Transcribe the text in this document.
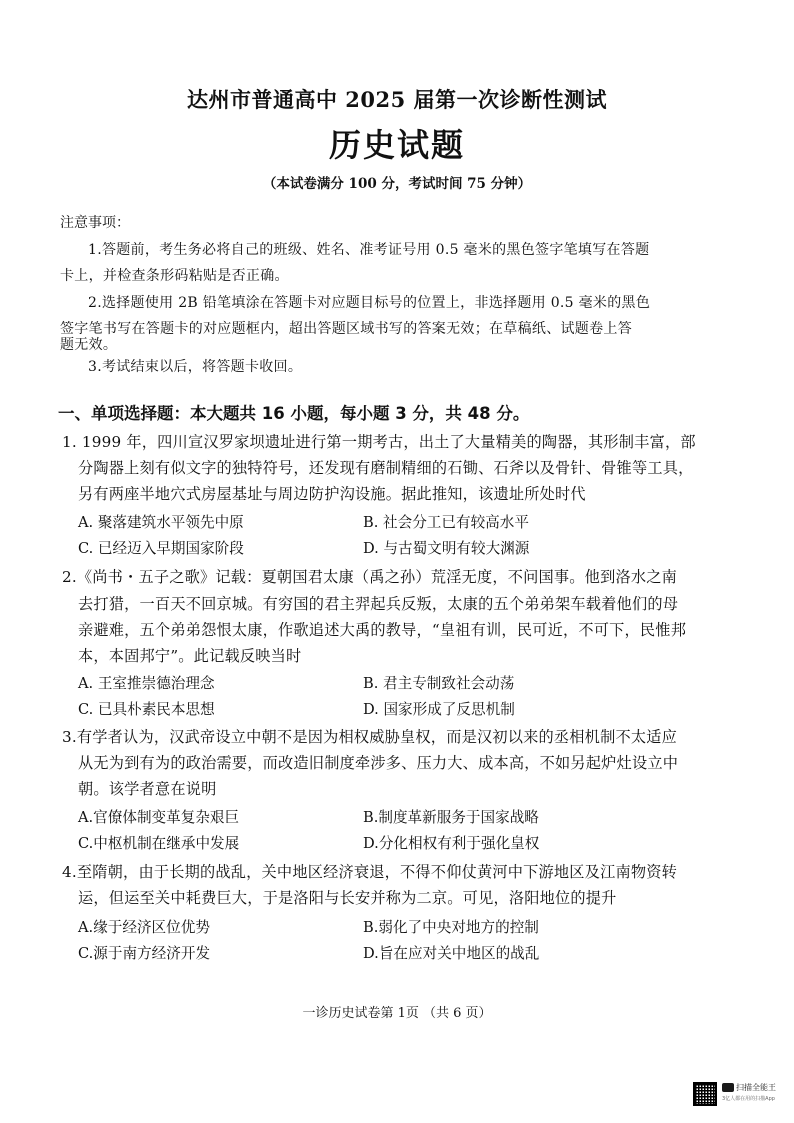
达州市普通高中 2025 届第一次诊断性测试
历史试题
（本试卷满分 100 分，考试时间 75 分钟）
注意事项：
1.答题前，考生务必将自己的班级、姓名、准考证号用 0.5 毫米的黑色签字笔填写在答题
卡上，并检查条形码粘贴是否正确。
2.选择题使用 2B 铅笔填涂在答题卡对应题目标号的位置上，非选择题用 0.5 毫米的黑色
签字笔书写在答题卡的对应题框内，超出答题区域书写的答案无效；在草稿纸、试题卷上答
题无效。
3.考试结束以后，将答题卡收回。
一、单项选择题：本大题共 16 小题，每小题 3 分，共 48 分。
1. 1999 年，四川宣汉罗家坝遗址进行第一期考古，出土了大量精美的陶器，其形制丰富，部
分陶器上刻有似文字的独特符号，还发现有磨制精细的石锄、石斧以及骨针、骨锥等工具，
另有两座半地穴式房屋基址与周边防护沟设施。据此推知，该遗址所处时代
A. 聚落建筑水平领先中原	B. 社会分工已有较高水平
C. 已经迈入早期国家阶段	D. 与古蜀文明有较大渊源
2.《尚书・五子之歌》记载：夏朝国君太康（禹之孙）荒淫无度，不问国事。他到洛水之南
去打猎，一百天不回京城。有穷国的君主羿起兵反叛，太康的五个弟弟架车载着他们的母
亲避难，五个弟弟怨恨太康，作歌追述大禹的教导，“皇祖有训，民可近，不可下，民惟邦
本，本固邦宁”。此记载反映当时
A. 王室推崇德治理念	B. 君主专制致社会动荡
C. 已具朴素民本思想	D. 国家形成了反思机制
3.有学者认为，汉武帝设立中朝不是因为相权威胁皇权，而是汉初以来的丞相机制不太适应
从无为到有为的政治需要，而改造旧制度牵涉多、压力大、成本高，不如另起炉灶设立中
朝。该学者意在说明
A.官僚体制变革复杂艰巨	B.制度革新服务于国家战略
C.中枢机制在继承中发展	D.分化相权有利于强化皇权
4.至隋朝，由于长期的战乱，关中地区经济衰退，不得不仰仗黄河中下游地区及江南物资转
运，但运至关中耗费巨大，于是洛阳与长安并称为二京。可见，洛阳地位的提升
A.缘于经济区位优势	B.弱化了中央对地方的控制
C.源于南方经济开发	D.旨在应对关中地区的战乱
一诊历史试卷第 1页 （共 6 页）
扫描全能王
3亿人都在用的扫描App
